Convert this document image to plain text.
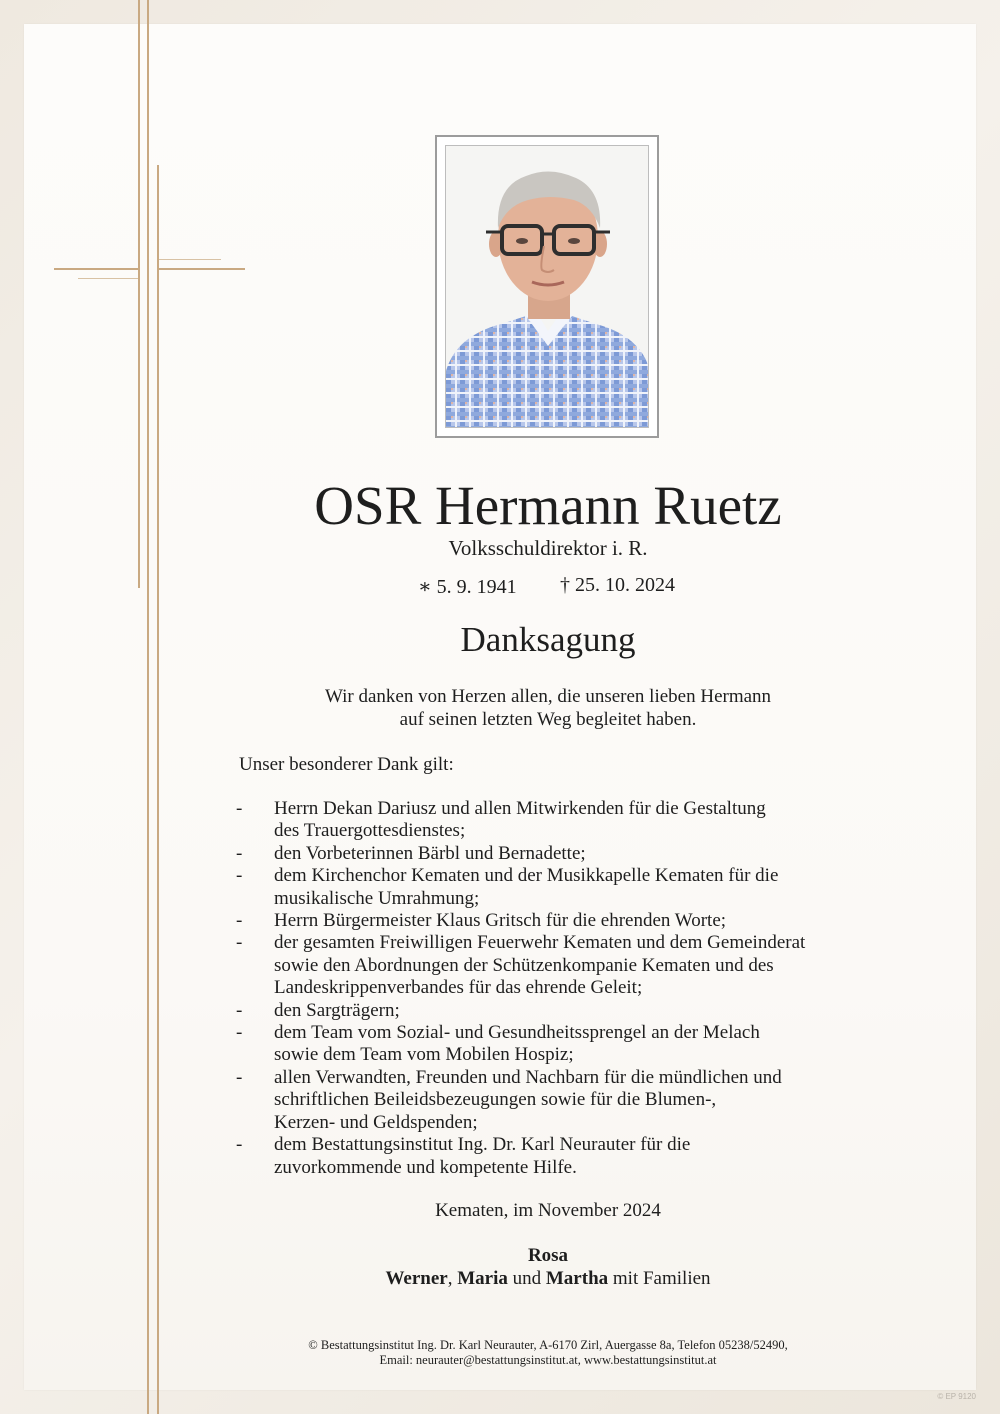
OSR Hermann Ruetz
Volksschuldirektor i. R.
∗ 5. 9. 1941 † 25. 10. 2024
Danksagung
Wir danken von Herzen allen, die unseren lieben Hermann
auf seinen letzten Weg begleitet haben.
Unser besonderer Dank gilt:
- Herrn Dekan Dariusz und allen Mitwirkenden für die Gestaltung
des Trauergottesdienstes;
- den Vorbeterinnen Bärbl und Bernadette;
- dem Kirchenchor Kematen und der Musikkapelle Kematen für die
musikalische Umrahmung;
- Herrn Bürgermeister Klaus Gritsch für die ehrenden Worte;
- der gesamten Freiwilligen Feuerwehr Kematen und dem Gemeinderat
sowie den Abordnungen der Schützenkompanie Kematen und des
Landeskrippenverbandes für das ehrende Geleit;
- den Sargträgern;
- dem Team vom Sozial- und Gesundheitssprengel an der Melach
sowie dem Team vom Mobilen Hospiz;
- allen Verwandten, Freunden und Nachbarn für die mündlichen und
schriftlichen Beileidsbezeugungen sowie für die Blumen-,
Kerzen- und Geldspenden;
- dem Bestattungsinstitut Ing. Dr. Karl Neurauter für die
zuvorkommende und kompetente Hilfe.
Kematen, im November 2024
Rosa
Werner, Maria und Martha mit Familien
© Bestattungsinstitut Ing. Dr. Karl Neurauter, A-6170 Zirl, Auergasse 8a, Telefon 05238/52490,
Email: neurauter@bestattungsinstitut.at, www.bestattungsinstitut.at
© EP 9120
